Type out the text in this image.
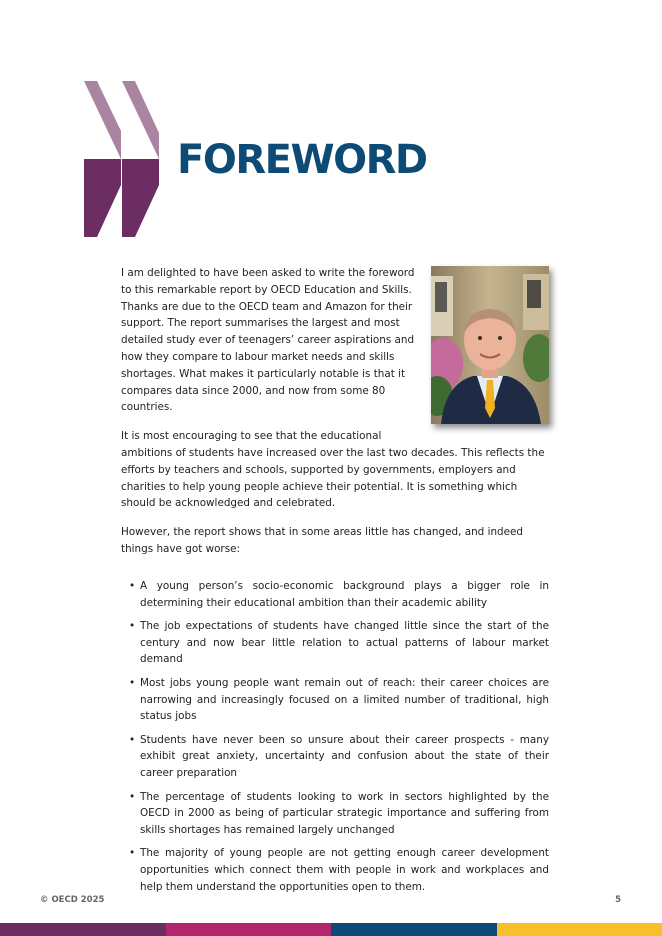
FOREWORD

I am delighted to have been asked to write the foreword to this remarkable report by OECD Education and Skills. Thanks are due to the OECD team and Amazon for their support. The report summarises the largest and most detailed study ever of teenagers’ career aspirations and how they compare to labour market needs and skills shortages. What makes it particularly notable is that it compares data since 2000, and now from some 80 countries.

It is most encouraging to see that the educational ambitions of students have increased over the last two decades. This reflects the efforts by teachers and schools, supported by governments, employers and charities to help young people achieve their potential. It is something which should be acknowledged and celebrated.

However, the report shows that in some areas little has changed, and indeed things have got worse:

• A young person’s socio-economic background plays a bigger role in determining their educational ambition than their academic ability
• The job expectations of students have changed little since the start of the century and now bear little relation to actual patterns of labour market demand
• Most jobs young people want remain out of reach: their career choices are narrowing and increasingly focused on a limited number of traditional, high status jobs
• Students have never been so unsure about their career prospects - many exhibit great anxiety, uncertainty and confusion about the state of their career preparation
• The percentage of students looking to work in sectors highlighted by the OECD in 2000 as being of particular strategic importance and suffering from skills shortages has remained largely unchanged
• The majority of young people are not getting enough career development opportunities which connect them with people in work and workplaces and help them understand the opportunities open to them.
© OECD 2025	5
